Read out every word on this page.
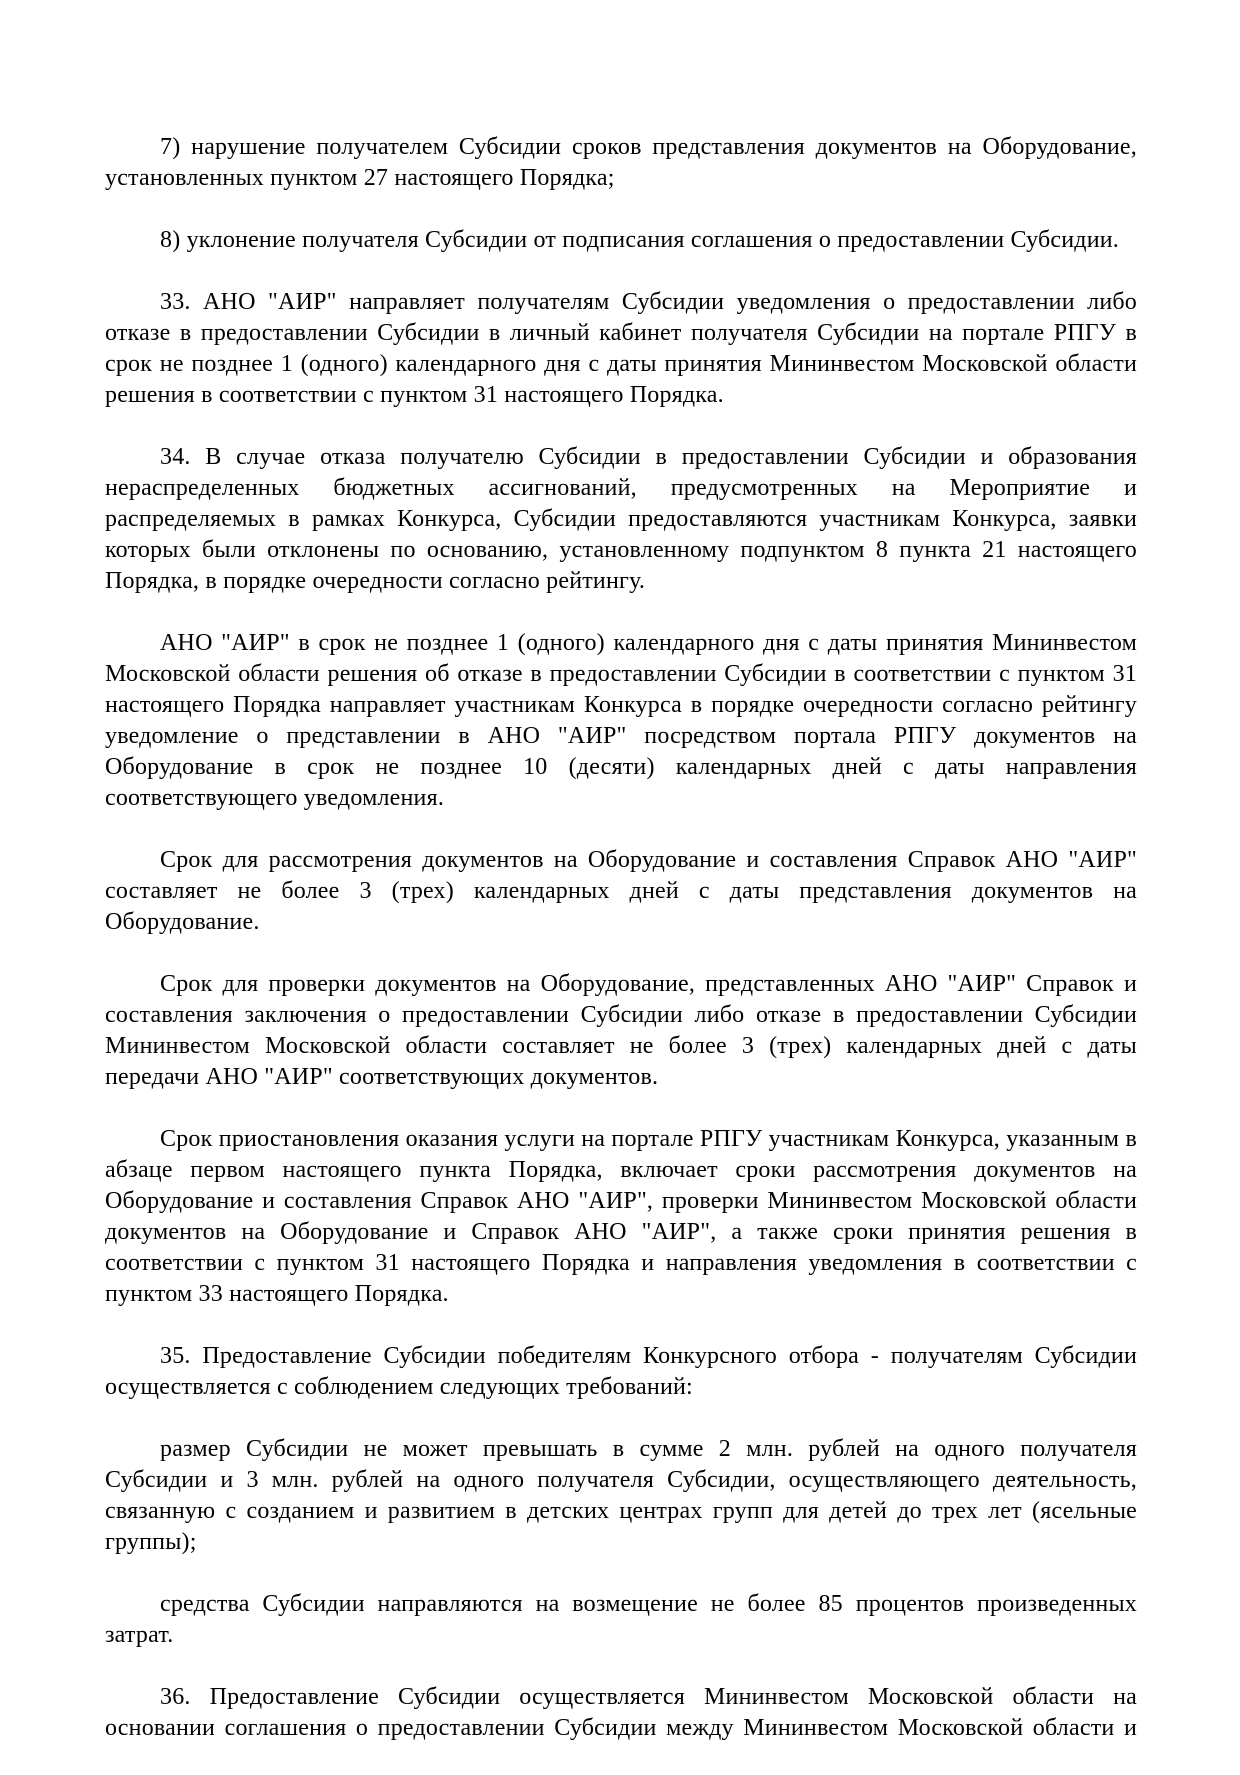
7) нарушение получателем Субсидии сроков представления документов на Оборудование, установленных пунктом 27 настоящего Порядка;

8) уклонение получателя Субсидии от подписания соглашения о предоставлении Субсидии.

33. АНО "АИР" направляет получателям Субсидии уведомления о предоставлении либо отказе в предоставлении Субсидии в личный кабинет получателя Субсидии на портале РПГУ в срок не позднее 1 (одного) календарного дня с даты принятия Мининвестом Московской области решения в соответствии с пунктом 31 настоящего Порядка.

34. В случае отказа получателю Субсидии в предоставлении Субсидии и образования нераспределенных бюджетных ассигнований, предусмотренных на Мероприятие и распределяемых в рамках Конкурса, Субсидии предоставляются участникам Конкурса, заявки которых были отклонены по основанию, установленному подпунктом 8 пункта 21 настоящего Порядка, в порядке очередности согласно рейтингу.

АНО "АИР" в срок не позднее 1 (одного) календарного дня с даты принятия Мининвестом Московской области решения об отказе в предоставлении Субсидии в соответствии с пунктом 31 настоящего Порядка направляет участникам Конкурса в порядке очередности согласно рейтингу уведомление о представлении в АНО "АИР" посредством портала РПГУ документов на Оборудование в срок не позднее 10 (десяти) календарных дней с даты направления соответствующего уведомления.

Срок для рассмотрения документов на Оборудование и составления Справок АНО "АИР" составляет не более 3 (трех) календарных дней с даты представления документов на Оборудование.

Срок для проверки документов на Оборудование, представленных АНО "АИР" Справок и составления заключения о предоставлении Субсидии либо отказе в предоставлении Субсидии Мининвестом Московской области составляет не более 3 (трех) календарных дней с даты передачи АНО "АИР" соответствующих документов.

Срок приостановления оказания услуги на портале РПГУ участникам Конкурса, указанным в абзаце первом настоящего пункта Порядка, включает сроки рассмотрения документов на Оборудование и составления Справок АНО "АИР", проверки Мининвестом Московской области документов на Оборудование и Справок АНО "АИР", а также сроки принятия решения в соответствии с пунктом 31 настоящего Порядка и направления уведомления в соответствии с пунктом 33 настоящего Порядка.

35. Предоставление Субсидии победителям Конкурсного отбора - получателям Субсидии осуществляется с соблюдением следующих требований:

размер Субсидии не может превышать в сумме 2 млн. рублей на одного получателя Субсидии и 3 млн. рублей на одного получателя Субсидии, осуществляющего деятельность, связанную с созданием и развитием в детских центрах групп для детей до трех лет (ясельные группы);

средства Субсидии направляются на возмещение не более 85 процентов произведенных затрат.

36. Предоставление Субсидии осуществляется Мининвестом Московской области на основании соглашения о предоставлении Субсидии между Мининвестом Московской области и
